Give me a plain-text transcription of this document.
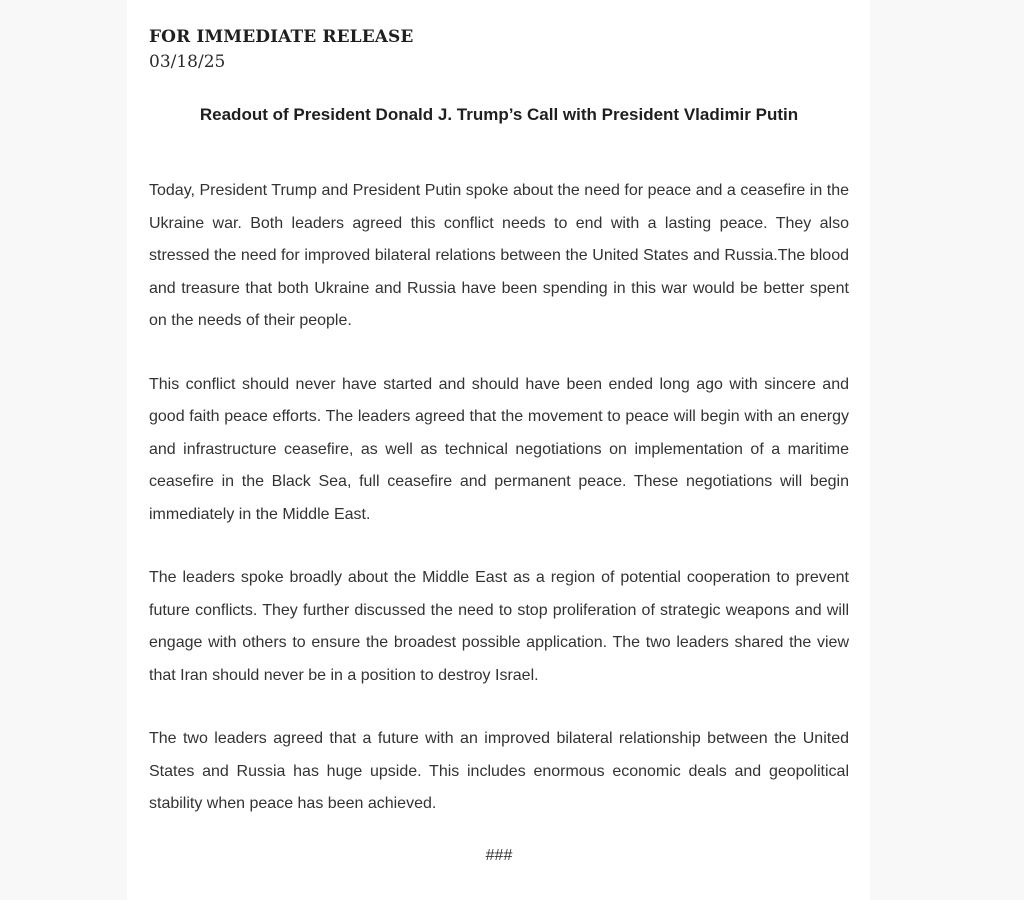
FOR IMMEDIATE RELEASE

03/18/25

Readout of President Donald J. Trump’s Call with President Vladimir Putin

Today, President Trump and President Putin spoke about the need for peace and a ceasefire in the Ukraine war. Both leaders agreed this conflict needs to end with a lasting peace. They also stressed the need for improved bilateral relations between the United States and Russia.The blood and treasure that both Ukraine and Russia have been spending in this war would be better spent on the needs of their people.

This conflict should never have started and should have been ended long ago with sincere and good faith peace efforts. The leaders agreed that the movement to peace will begin with an energy and infrastructure ceasefire, as well as technical negotiations on implementation of a maritime ceasefire in the Black Sea, full ceasefire and permanent peace. These negotiations will begin immediately in the Middle East.

The leaders spoke broadly about the Middle East as a region of potential cooperation to prevent future conflicts. They further discussed the need to stop proliferation of strategic weapons and will engage with others to ensure the broadest possible application. The two leaders shared the view that Iran should never be in a position to destroy Israel.

The two leaders agreed that a future with an improved bilateral relationship between the United States and Russia has huge upside. This includes enormous economic deals and geopolitical stability when peace has been achieved.

###
